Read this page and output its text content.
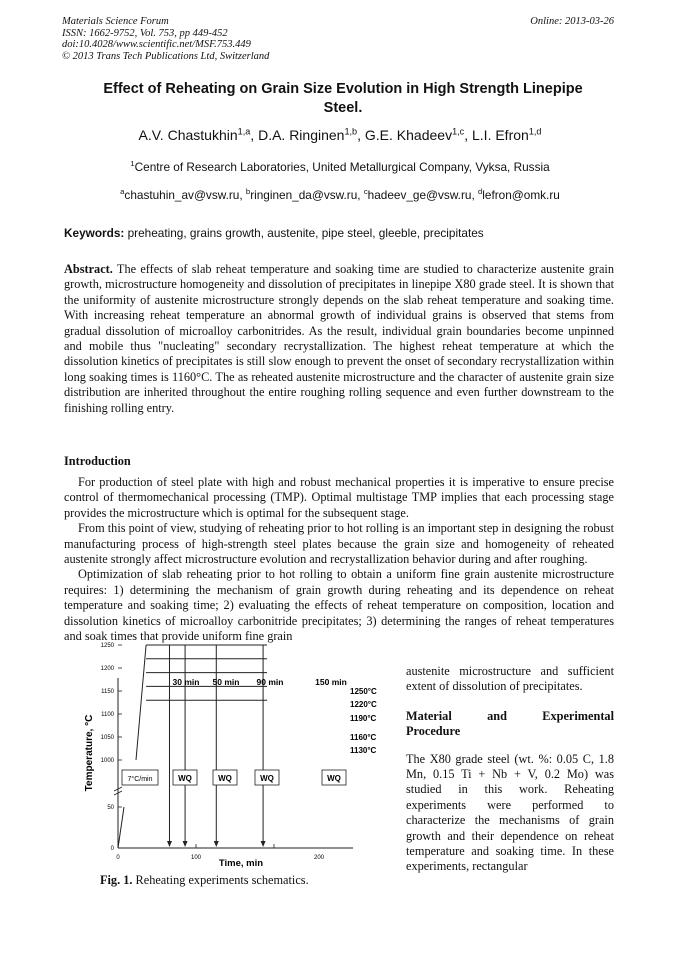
Materials Science Forum
ISSN: 1662-9752, Vol. 753, pp 449-452
doi:10.4028/www.scientific.net/MSF.753.449
© 2013 Trans Tech Publications Ltd, Switzerland
Online: 2013-03-26
Effect of Reheating on Grain Size Evolution in High Strength Linepipe
Steel.
A.V. Chastukhin$^{1,a}$, D.A. Ringinen$^{1,b}$, G.E. Khadeev$^{1,c}$, L.I. Efron$^{1,d}$
$^1$Centre of Research Laboratories, United Metallurgical Company, Vyksa, Russia
$^a$chastuhin_av@vsw.ru, $^b$ringinen_da@vsw.ru, $^c$hadeev_ge@vsw.ru, $^d$lefron@omk.ru
Keywords: preheating, grains growth, austenite, pipe steel, gleeble, precipitates
Abstract. The effects of slab reheat temperature and soaking time are studied to characterize austenite grain growth, microstructure homogeneity and dissolution of precipitates in linepipe X80 grade steel. It is shown that the uniformity of austenite microstructure strongly depends on the slab reheat temperature and soaking time. With increasing reheat temperature an abnormal growth of individual grains is observed that stems from gradual dissolution of microalloy carbonitrides. As the result, individual grain boundaries become unpinned and mobile thus "nucleating" secondary recrystallization. The highest reheat temperature at which the dissolution kinetics of precipitates is still slow enough to prevent the onset of secondary recrystallization within long soaking times is 1160°C. The as reheated austenite microstructure and the character of austenite grain size distribution are inherited throughout the entire roughing rolling sequence and even further downstream to the finishing rolling entry.
Introduction

For production of steel plate with high and robust mechanical properties it is imperative to ensure precise control of thermomechanical processing (TMP). Optimal multistage TMP implies that each processing stage provides the microstructure which is optimal for the subsequent stage.

From this point of view, studying of reheating prior to hot rolling is an important step in designing the robust manufacturing process of high-strength steel plates because the grain size and homogeneity of reheated austenite strongly affect microstructure evolution and recrystallization behavior during and after roughing.

Optimization of slab reheating prior to hot rolling to obtain a uniform fine grain austenite microstructure requires: 1) determining the mechanism of grain growth during reheating and its dependence on reheat temperature and soaking time; 2) evaluating the effects of reheat temperature on composition, location and dissolution kinetics of microalloy carbonitride precipitates; 3) determining the ranges of reheat temperatures and soak times that provide uniform fine grain

austenite microstructure and sufficient extent of dissolution of precipitates.

Material and Experimental

Procedure

The X80 grade steel (wt. %: 0.05 C, 1.8 Mn, 0.15 Ti + Nb + V, 0.2 Mo) was studied in this work. Reheating experiments were performed to characterize the mechanisms of grain growth and their dependence on reheat temperature and soaking time. In these experiments, rectangular

Temperature, °C
Time, min
0	100	200
0
50
1000
1050
1100
1150
1200
1250
7°C/min
30 min 50 min 90 min	150 min
1250°C
1220°C
1190°C
1160°C
1130°C
WQ	WQ	WQ	WQ
Fig. 1. Reheating experiments schematics.
